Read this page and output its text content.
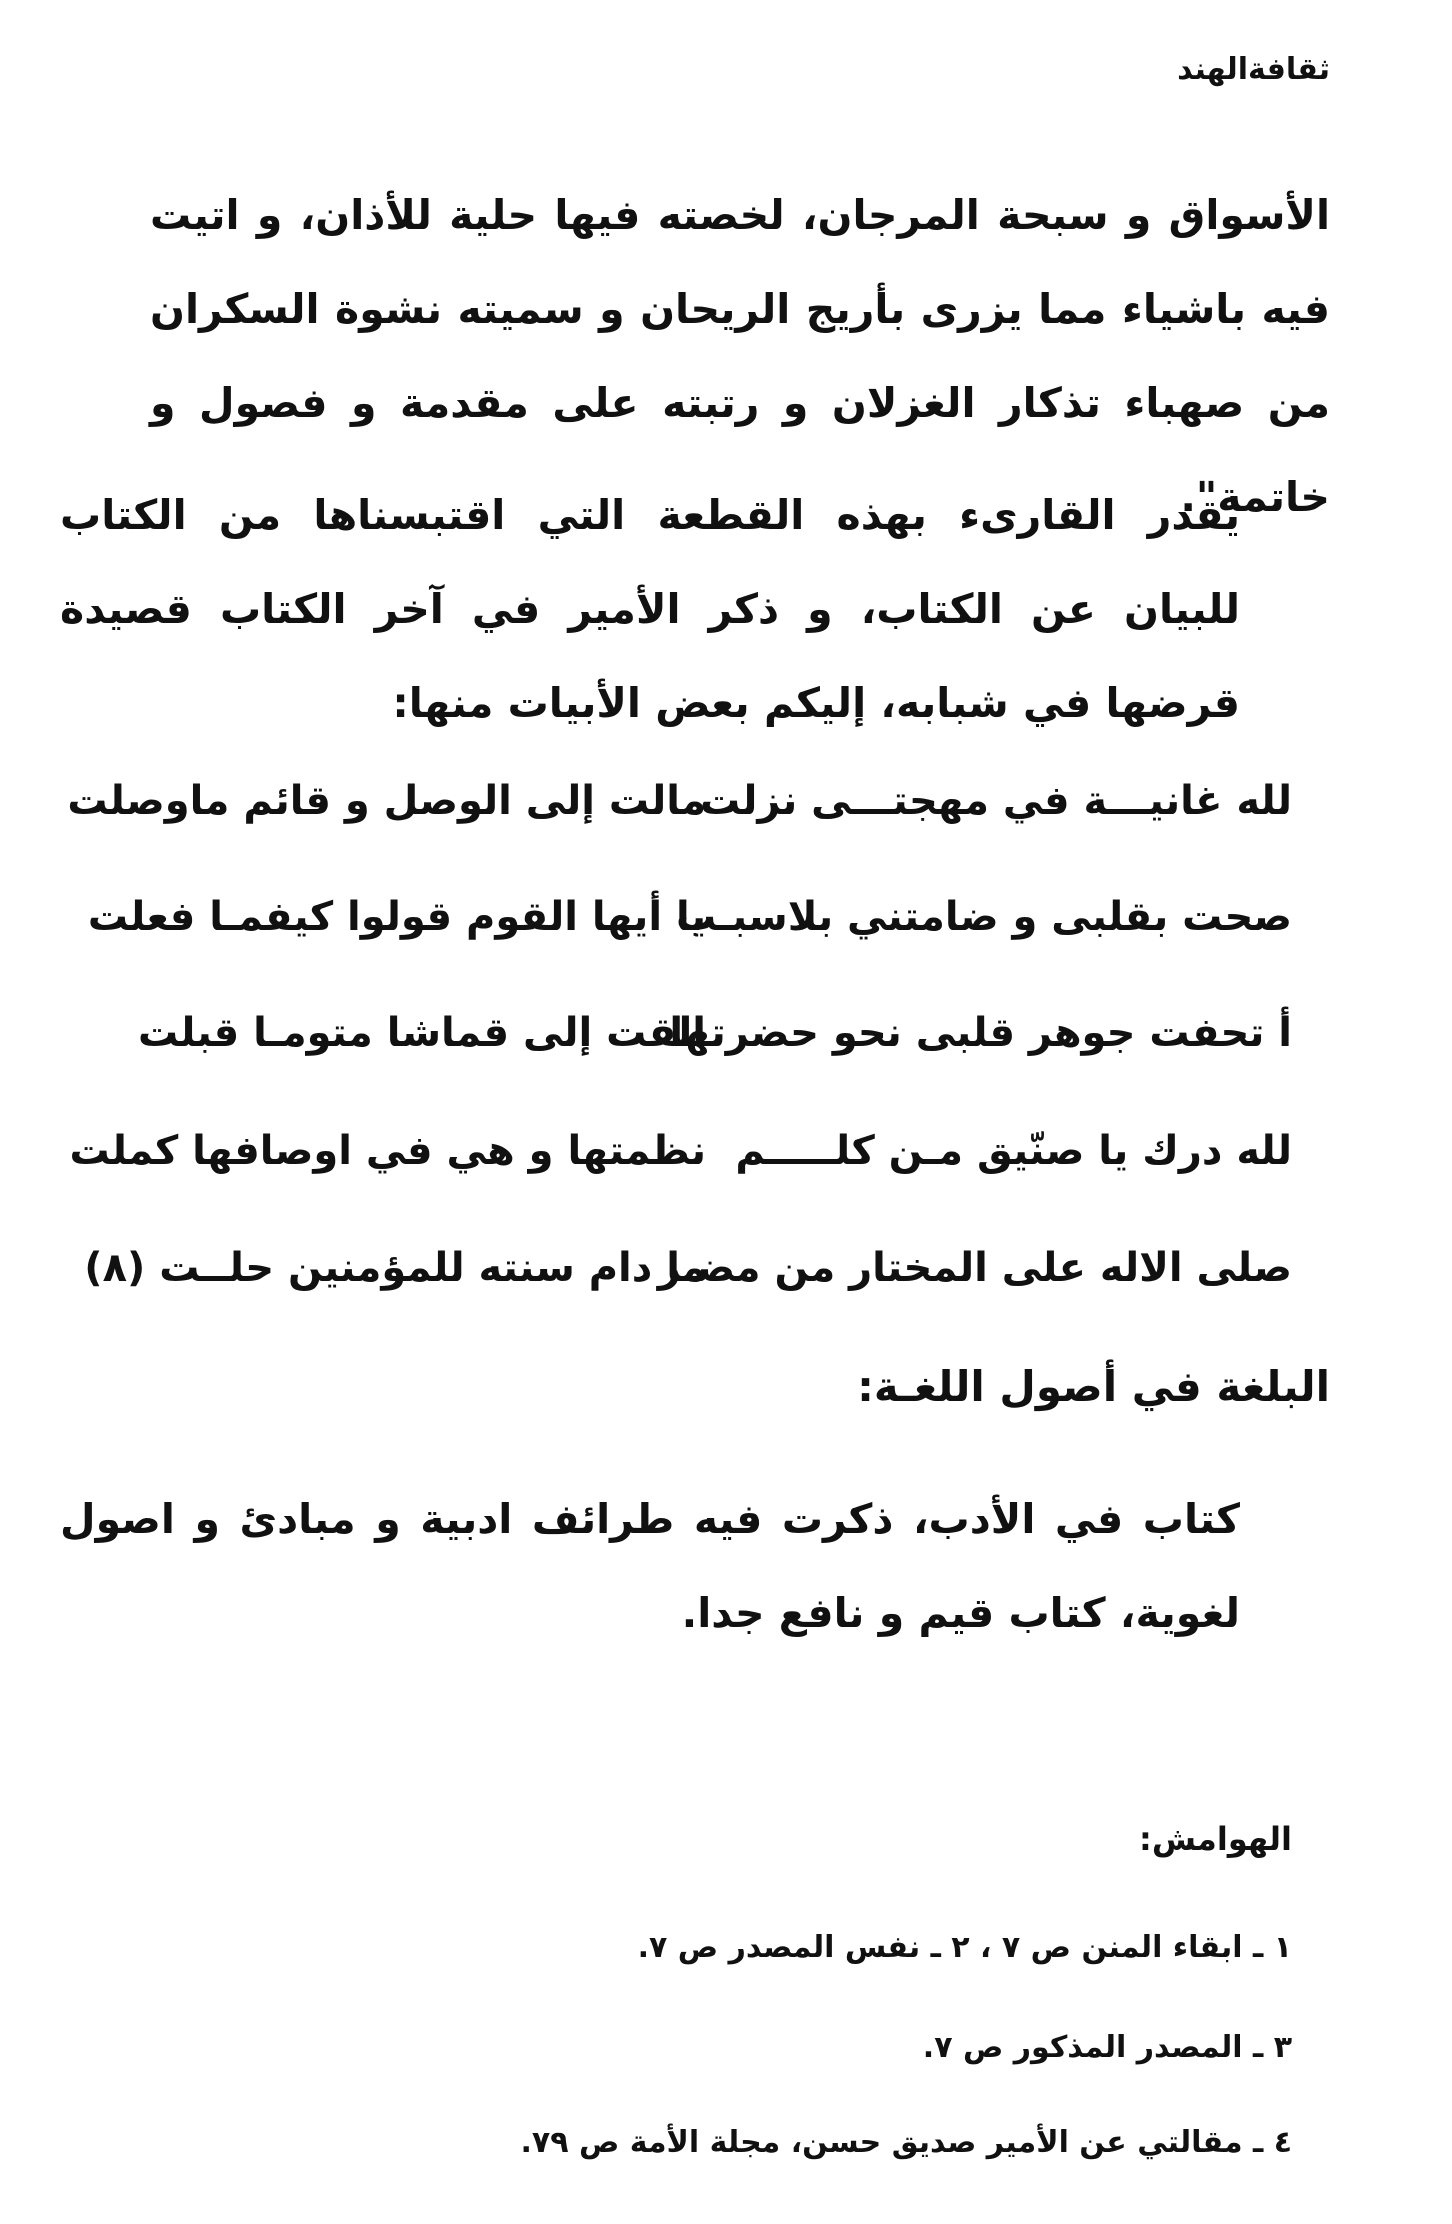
ثقافةالهند
الأسواق و سبحة المرجان، لخصته فيها حلية للأذان، و اتيت فيه باشياء مما يزرى بأريج الريحان و سميته نشوة السكران من صهباء تذكار الغزلان و رتبته على مقدمة و فصول و خاتمة".
يقدر القارىء بهذه القطعة التي اقتبسناها من الكتاب للبيان عن الكتاب، و ذكر الأمير في آخر الكتاب قصيدة قرضها في شبابه، إليكم بعض الأبيات منها:
لله غانيـــة في مهجتـــى نزلت
مالت إلى الوصل و قائم ماوصلت
صحت بقلبى و ضامتني بلاسبـب
يا أيها القوم قولوا كيفمـا فعلت
أ تحفت جوهر قلبى نحو حضرتها
القت إلى قماشا متومـا قبلت
لله درك يا صنّيق مـن كلـــــم
نظمتها و هي في اوصافها كملت
صلى الاله على المختار من مضـر
ما دام سنته للمؤمنين حلــت (٨)
البلغة في أصول اللغـة:
كتاب في الأدب، ذكرت فيه طرائف ادبية و مبادئ و اصول لغوية، كتاب قيم و نافع جدا.
الهوامش:
١ ـ ابقاء المنن ص ٧ ، ٢ ـ نفس المصدر ص ٧.
٣ ـ المصدر المذكور ص ٧.
٤ ـ مقالتي عن الأمير صديق حسن، مجلة الأمة ص ٧٩.
